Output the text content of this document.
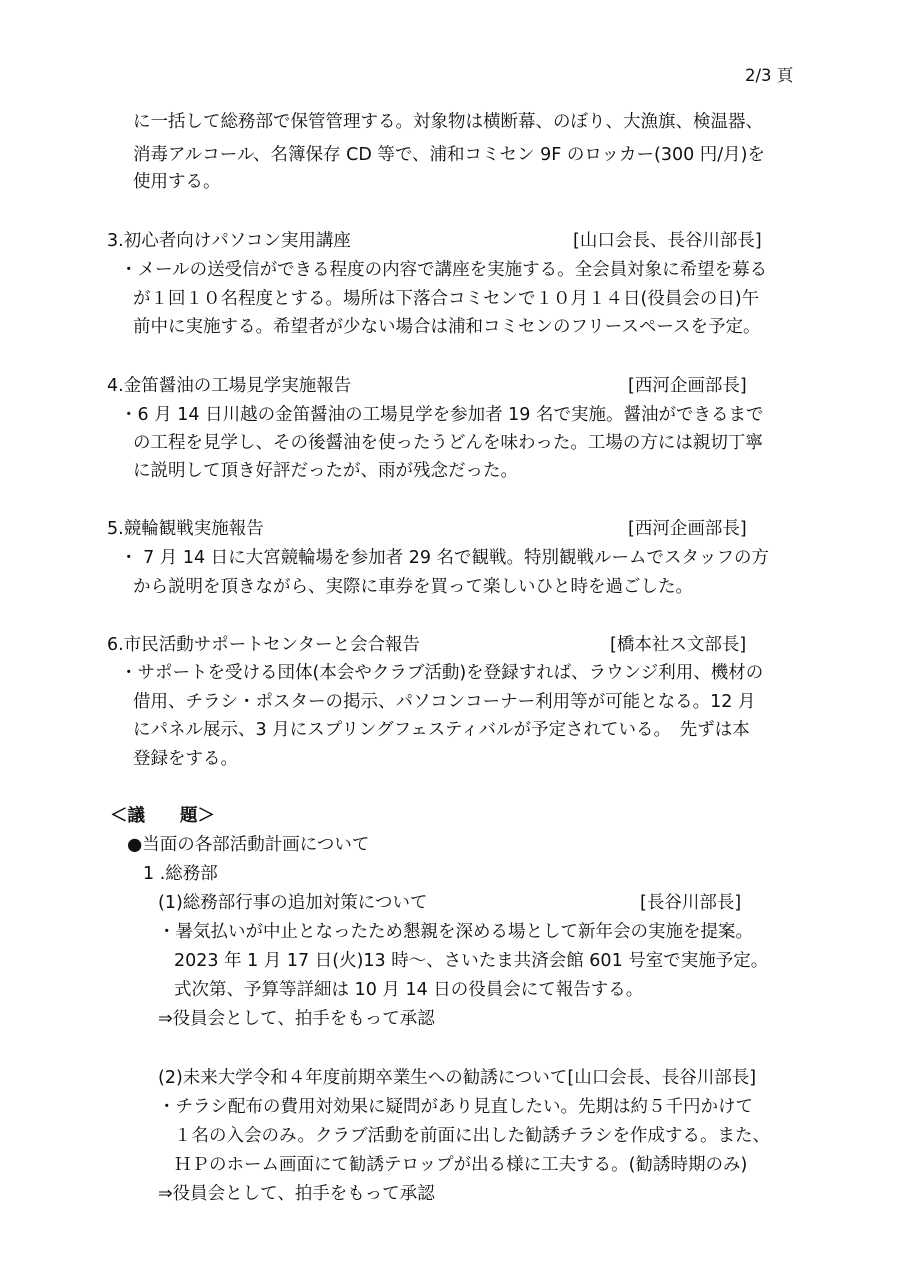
2/3 頁
に一括して総務部で保管管理する。対象物は横断幕、のぼり、大漁旗、検温器、
消毒アルコール、名簿保存 CD 等で、浦和コミセン 9F のロッカー(300 円/月)を
使用する。
3.初心者向けパソコン実用講座	[山口会長、長谷川部長]
・メールの送受信ができる程度の内容で講座を実施する。全会員対象に希望を募る
が１回１０名程度とする。場所は下落合コミセンで１０月１４日(役員会の日)午
前中に実施する。希望者が少ない場合は浦和コミセンのフリースペースを予定。
4.金笛醤油の工場見学実施報告	[西河企画部長]
・6 月 14 日川越の金笛醤油の工場見学を参加者 19 名で実施。醤油ができるまで
の工程を見学し、その後醤油を使ったうどんを味わった。工場の方には親切丁寧
に説明して頂き好評だったが、雨が残念だった。
5.競輪観戦実施報告	[西河企画部長]
・ 7 月 14 日に大宮競輪場を参加者 29 名で観戦。特別観戦ルームでスタッフの方
から説明を頂きながら、実際に車券を買って楽しいひと時を過ごした。
6.市民活動サポートセンターと会合報告	[橋本社ス文部長]
・サポートを受ける団体(本会やクラブ活動)を登録すれば、ラウンジ利用、機材の
借用、チラシ・ポスターの掲示、パソコンコーナー利用等が可能となる。12 月
にパネル展示、3 月にスプリングフェスティバルが予定されている。　先ずは本
登録をする。
＜議　　題＞
●当面の各部活動計画について
1 .総務部
(1)総務部行事の追加対策について	[長谷川部長]
・暑気払いが中止となったため懇親を深める場として新年会の実施を提案。
2023 年 1 月 17 日(火)13 時～、さいたま共済会館 601 号室で実施予定。
式次第、予算等詳細は 10 月 14 日の役員会にて報告する。
⇒役員会として、拍手をもって承認
(2)未来大学令和４年度前期卒業生への勧誘について[山口会長、長谷川部長]
・チラシ配布の費用対効果に疑問があり見直したい。先期は約５千円かけて
１名の入会のみ。クラブ活動を前面に出した勧誘チラシを作成する。また、
ＨＰのホーム画面にて勧誘テロップが出る様に工夫する。(勧誘時期のみ)
⇒役員会として、拍手をもって承認
